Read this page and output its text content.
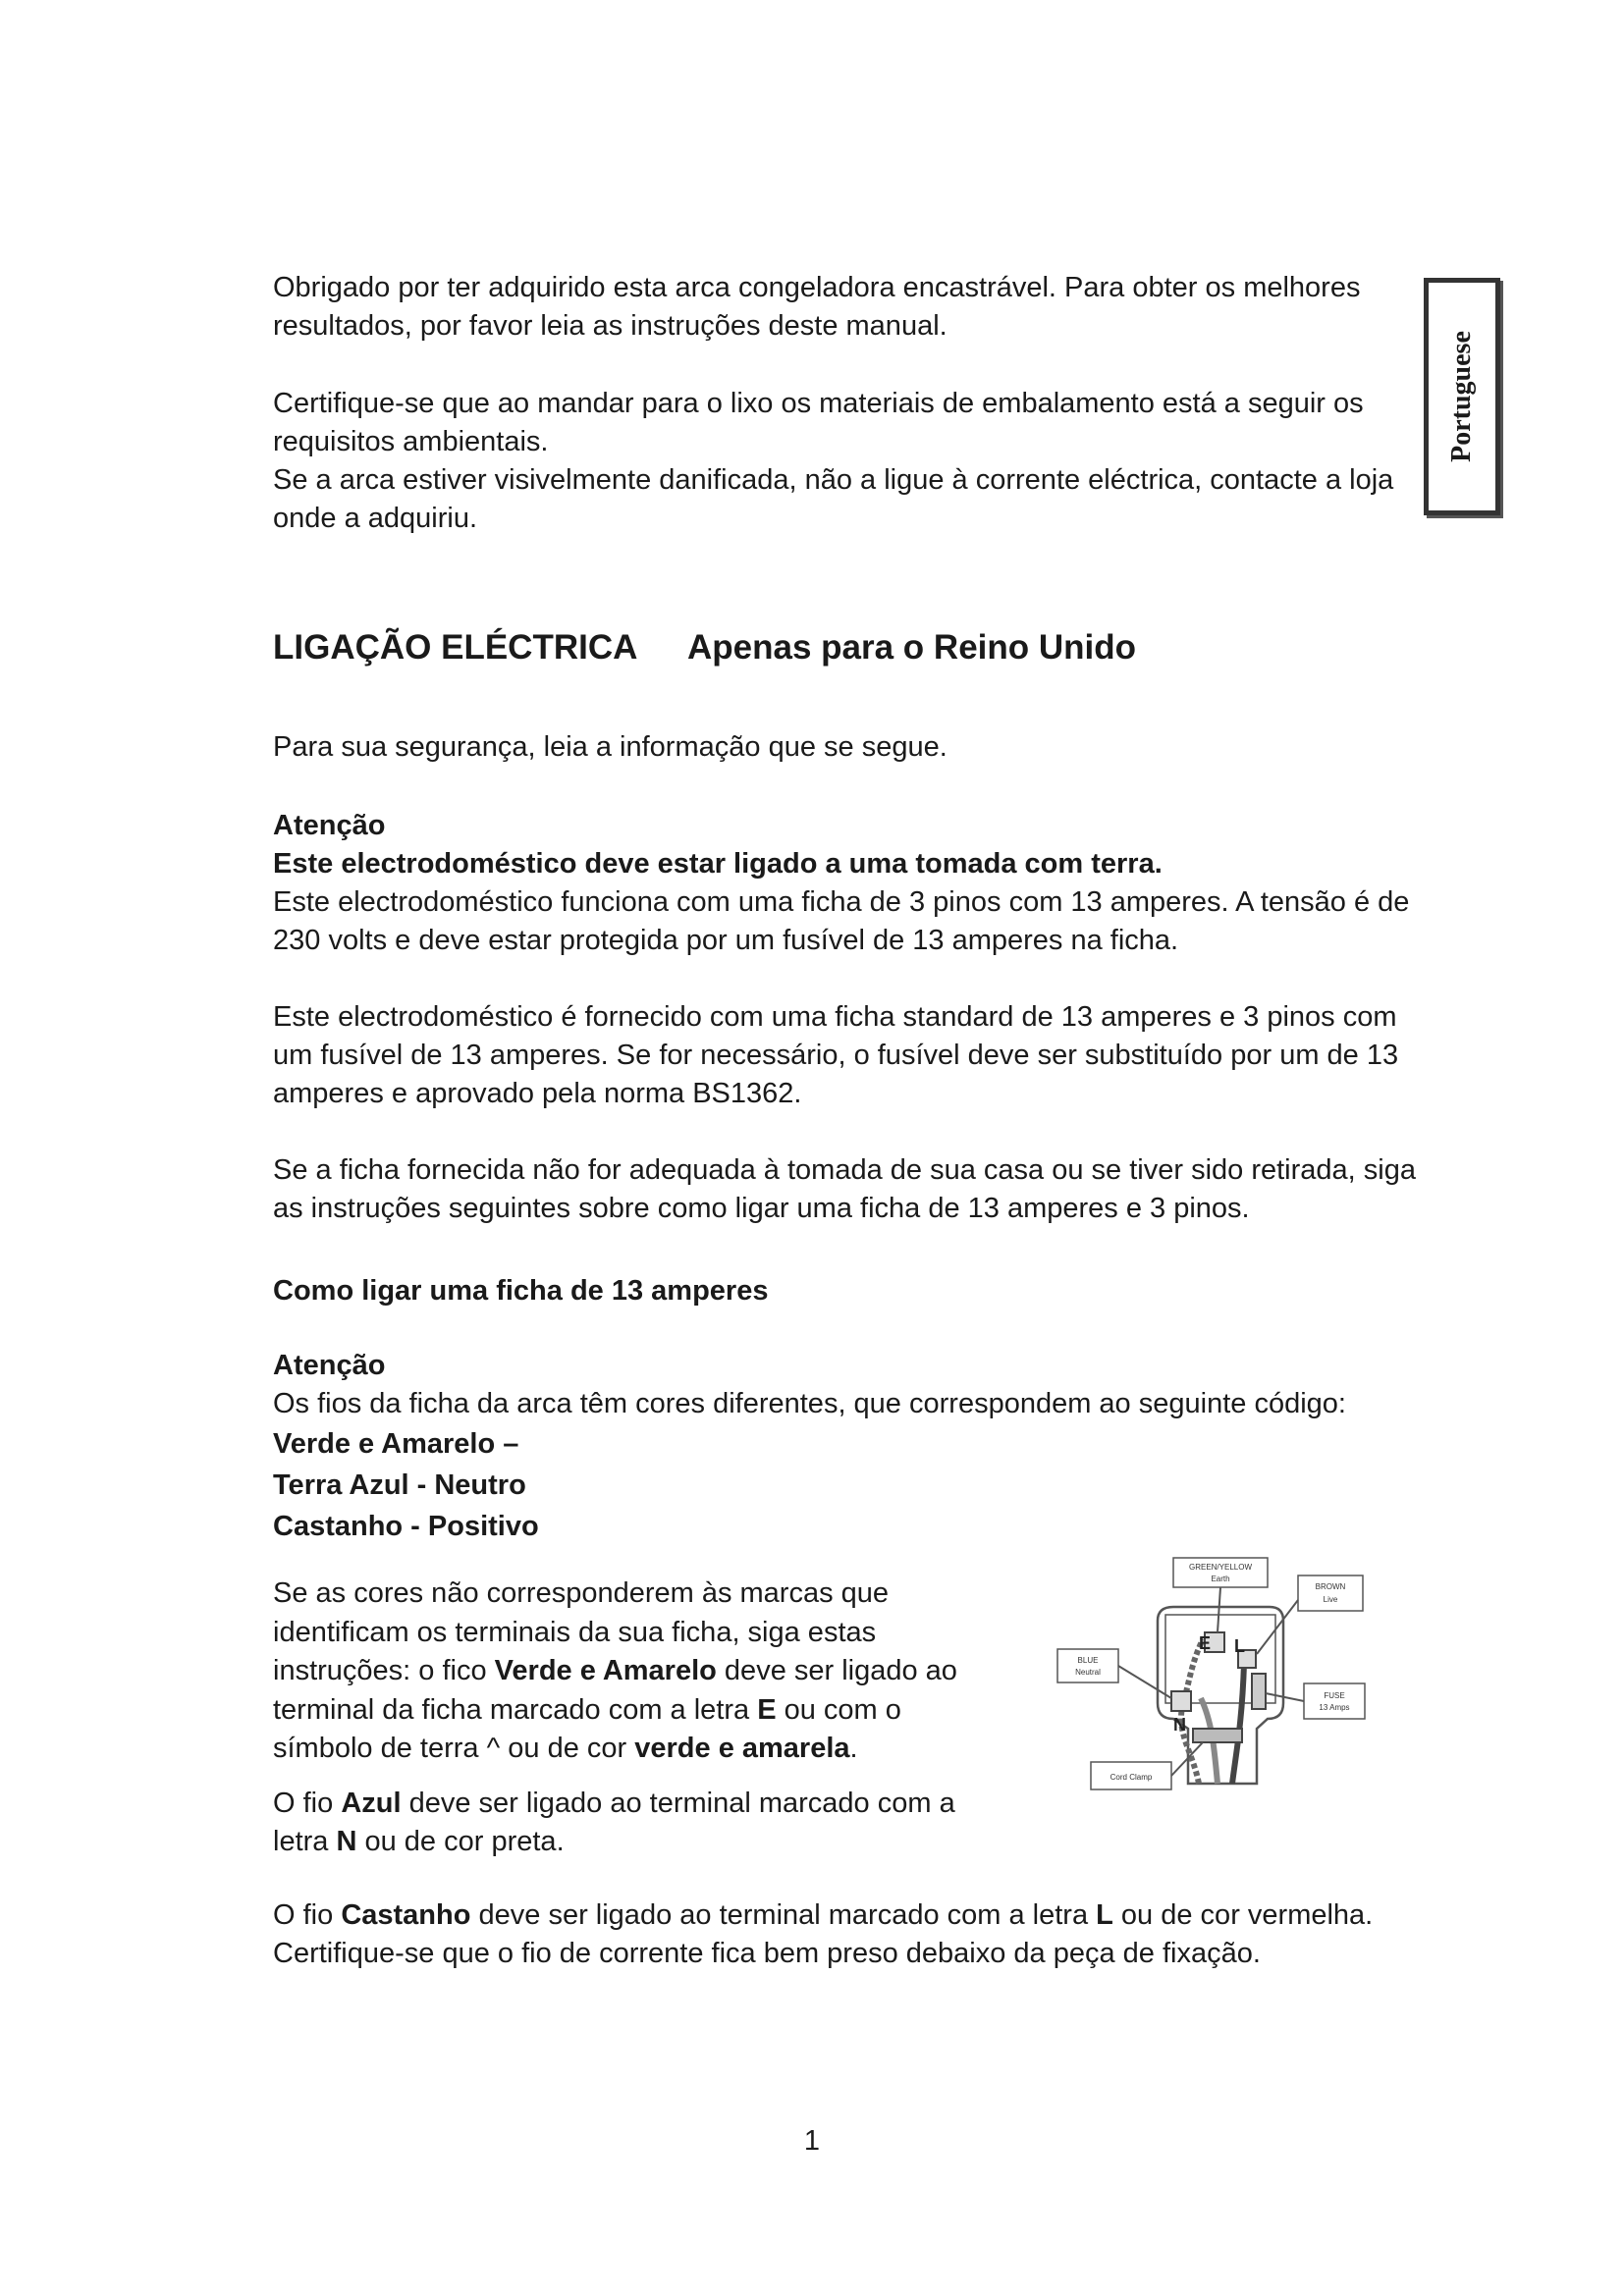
Obrigado por ter adquirido esta arca congeladora encastrável. Para obter os melhores resultados, por favor leia as instruções deste manual.

Certifique-se que ao mandar para o lixo os materiais de embalamento está a seguir os requisitos ambientais.

Se a arca estiver visivelmente danificada, não a ligue à corrente eléctrica, contacte a loja onde a adquiriu.

Portuguese
LIGAÇÃO ELÉCTRICA Apenas para o Reino Unido

Para sua segurança, leia a informação que se segue.

Atenção

Este electrodoméstico deve estar ligado a uma tomada com terra.

Este electrodoméstico funciona com uma ficha de 3 pinos com 13 amperes. A tensão é de 230 volts e deve estar protegida por um fusível de 13 amperes na ficha.

Este electrodoméstico é fornecido com uma ficha standard de 13 amperes e 3 pinos com um fusível de 13 amperes. Se for necessário, o fusível deve ser substituído por um de 13 amperes e aprovado pela norma BS1362.

Se a ficha fornecida não for adequada à tomada de sua casa ou se tiver sido retirada, siga as instruções seguintes sobre como ligar uma ficha de 13 amperes e 3 pinos.

Como ligar uma ficha de 13 amperes

Atenção

Os fios da ficha da arca têm cores diferentes, que correspondem ao seguinte código:

Verde e Amarelo –

Terra Azul - Neutro

Castanho - Positivo

Se as cores não corresponderem às marcas que identificam os terminais da sua ficha, siga estas instruções: o fico Verde e Amarelo deve ser ligado ao terminal da ficha marcado com a letra E ou com o símbolo de terra ^ ou de cor verde e amarela.

O fio Azul deve ser ligado ao terminal marcado com a letra N ou de cor preta.

O fio Castanho deve ser ligado ao terminal marcado com a letra L ou de cor vermelha.

Certifique-se que o fio de corrente fica bem preso debaixo da peça de fixação.

E L
N
GREEN/YELLOW
Earth
BROWN
Live
BLUE
Neutral
FUSE
13 Amps
Cord Clamp
1
